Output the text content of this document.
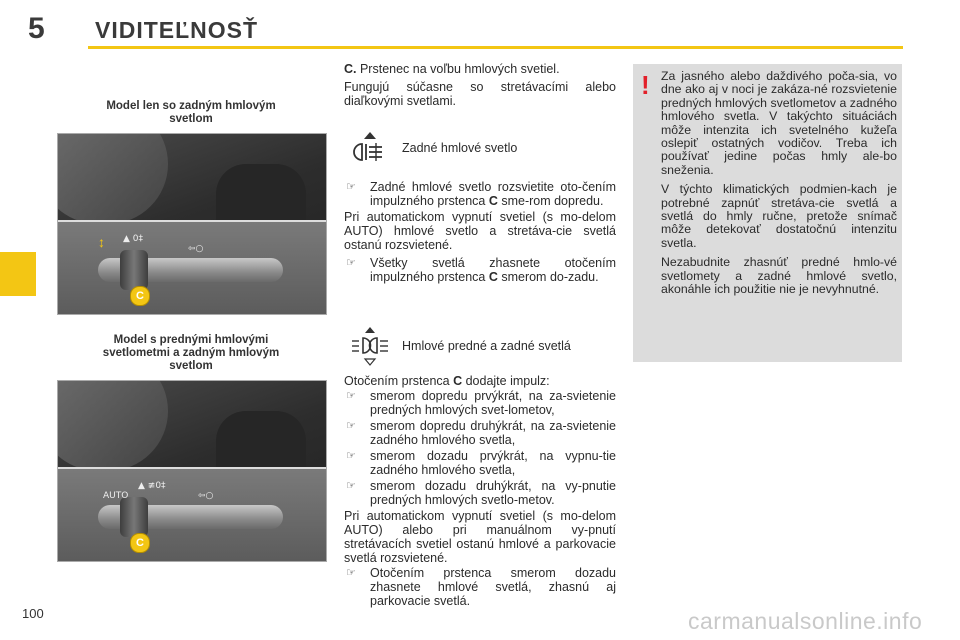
5 VIDITEĽNOSŤ
Model len so zadným hmlovým svetlom
▲ 0‡
⇦○
↕
C
Model s prednými hmlovými svetlometmi a zadným hmlovým svetlom
AUTO
▲ ≢0‡
⇦○
C

C. Prstenec na voľbu hmlových svetiel.

Fungujú súčasne so stretávacími alebo diaľkovými svetlami.

Zadné hmlové svetlo

☞ Zadné hmlové svetlo rozsvietite oto-čením impulzného prstenca C sme-rom dopredu.

Pri automatickom vypnutí svetiel (s mo-delom AUTO) hmlové svetlo a stretáva-cie svetlá ostanú rozsvietené.

☞ Všetky svetlá zhasnete otočením impulzného prstenca C smerom do-zadu.

Hmlové predné a zadné svetlá

Otočením prstenca C dodajte impulz:

☞ smerom dopredu prvýkrát, na za-svietenie predných hmlových svet-lometov,

☞ smerom dopredu druhýkrát, na za-svietenie zadného hmlového svetla,

☞ smerom dozadu prvýkrát, na vypnu-tie zadného hmlového svetla,

☞ smerom dozadu druhýkrát, na vy-pnutie predných hmlových svetlo-metov.

Pri automatickom vypnutí svetiel (s mo-delom AUTO) alebo pri manuálnom vy-pnutí stretávacích svetiel ostanú hmlové a parkovacie svetlá rozsvietené.

☞ Otočením prstenca smerom dozadu zhasnete hmlové svetlá, zhasnú aj parkovacie svetlá.

! Za jasného alebo daždivého poča-sia, vo dne ako aj v noci je zakáza-né rozsvietenie predných hmlových svetlometov a zadného hmlového svetla. V takýchto situáciách môže intenzita ich svetelného kužeľa oslepiť ostatných vodičov. Treba ich používať jedine počas hmly ale-bo sneženia.

V týchto klimatických podmien-kach je potrebné zapnúť stretáva-cie svetlá a svetlá do hmly ručne, pretože snímač môže detekovať dostatočnú intenzitu svetla.

Nezabudnite zhasnúť predné hmlo-vé svetlomety a zadné hmlové svetlo, akonáhle ich použitie nie je nevyhnutné.

100	carmanualsonline.info
